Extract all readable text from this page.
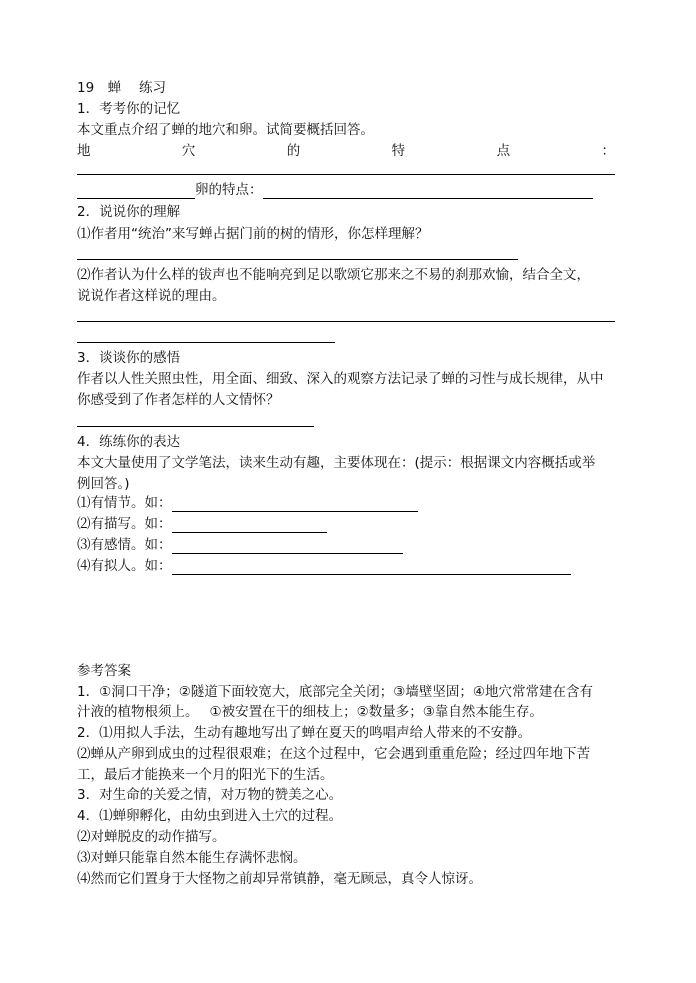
19　蝉　 练习
1．考考你的记忆
本文重点介绍了蝉的地穴和卵。试简要概括回答。
地	穴	的	特	点	：
卵的特点：
2．说说你的理解
⑴作者用“统治”来写蝉占据门前的树的情形，你怎样理解？
⑵作者认为什么样的钹声也不能响亮到足以歌颂它那来之不易的刹那欢愉，结合全文，
说说作者这样说的理由。
3．谈谈你的感悟
作者以人性关照虫性，用全面、细致、深入的观察方法记录了蝉的习性与成长规律，从中
你感受到了作者怎样的人文情怀？
4．练练你的表达
本文大量使用了文学笔法，读来生动有趣，主要体现在：(提示：根据课文内容概括或举
例回答。)
⑴有情节。如：
⑵有描写。如：
⑶有感情。如：
⑷有拟人。如：
参考答案
1．①洞口干净；②隧道下面较宽大，底部完全关闭；③墙壁坚固；④地穴常常建在含有
汁液的植物根须上。　 ①被安置在干的细枝上；②数量多；③靠自然本能生存。
2．⑴用拟人手法，生动有趣地写出了蝉在夏天的鸣唱声给人带来的不安静。
⑵蝉从产卵到成虫的过程很艰难；在这个过程中，它会遇到重重危险；经过四年地下苦
工，最后才能换来一个月的阳光下的生活。
3．对生命的关爱之情，对万物的赞美之心。
4．⑴蝉卵孵化，由幼虫到进入土穴的过程。
⑵对蝉脱皮的动作描写。
⑶对蝉只能靠自然本能生存满怀悲悯。
⑷然而它们置身于大怪物之前却异常镇静，毫无顾忌，真令人惊讶。
